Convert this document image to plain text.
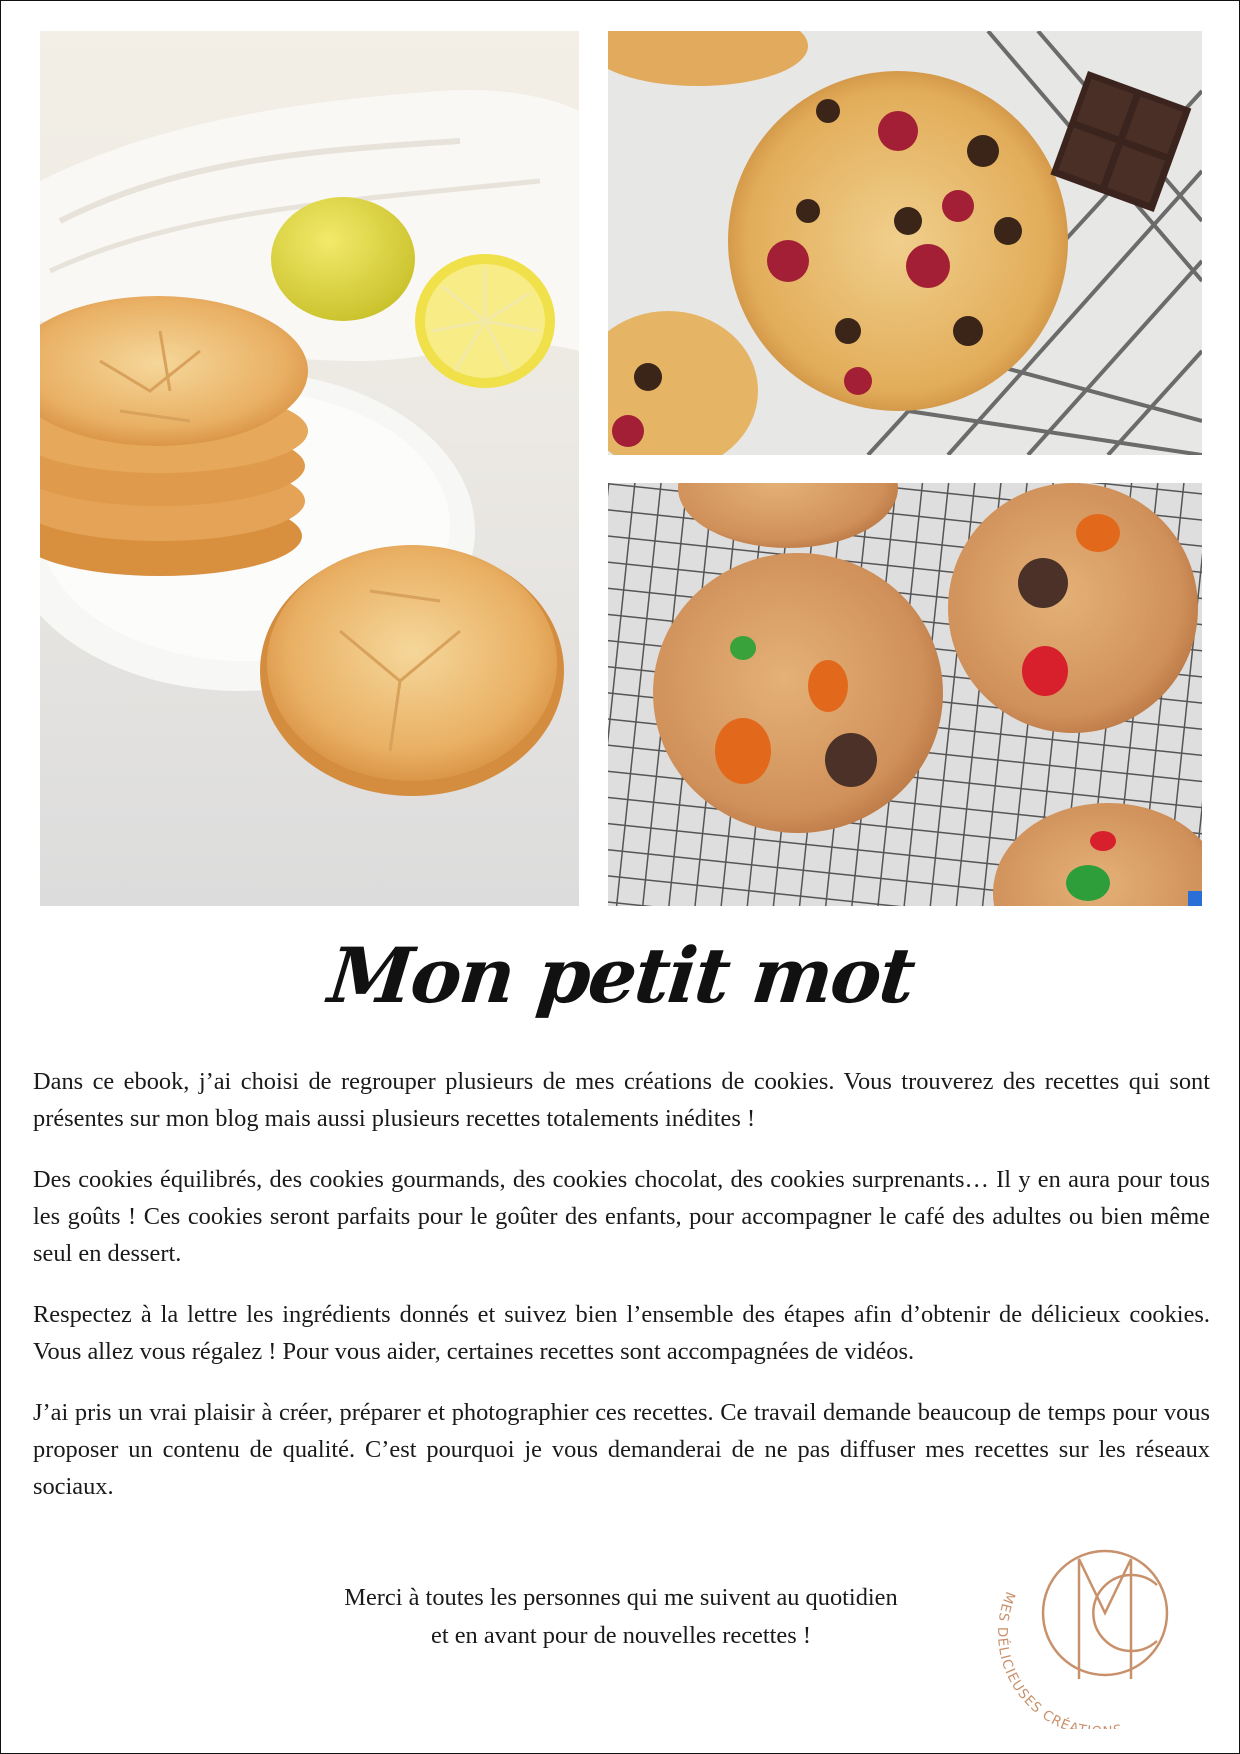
Mon petit mot

Dans ce ebook, j’ai choisi de regrouper plusieurs de mes créations de cookies. Vous trouverez des recettes qui sont présentes sur mon blog mais aussi plusieurs recettes totalements inédites !

Des cookies équilibrés, des cookies gourmands, des cookies chocolat, des cookies surprenants… Il y en aura pour tous les goûts ! Ces cookies seront parfaits pour le goûter des enfants, pour accompagner le café des adultes ou bien même seul en dessert.

Respectez à la lettre les ingrédients donnés et suivez bien l’ensemble des étapes afin d’obtenir de délicieux cookies. Vous allez vous régalez ! Pour vous aider, certaines recettes sont accompagnées de vidéos.

J’ai pris un vrai plaisir à créer, préparer et photographier ces recettes. Ce travail demande beaucoup de temps pour vous proposer un contenu de qualité. C’est pourquoi je vous demanderai de ne pas diffuser mes recettes sur les réseaux sociaux.

Merci à toutes les personnes qui me suivent au quotidien
et en avant pour de nouvelles recettes !
ME ICIEUSES CRÉA
